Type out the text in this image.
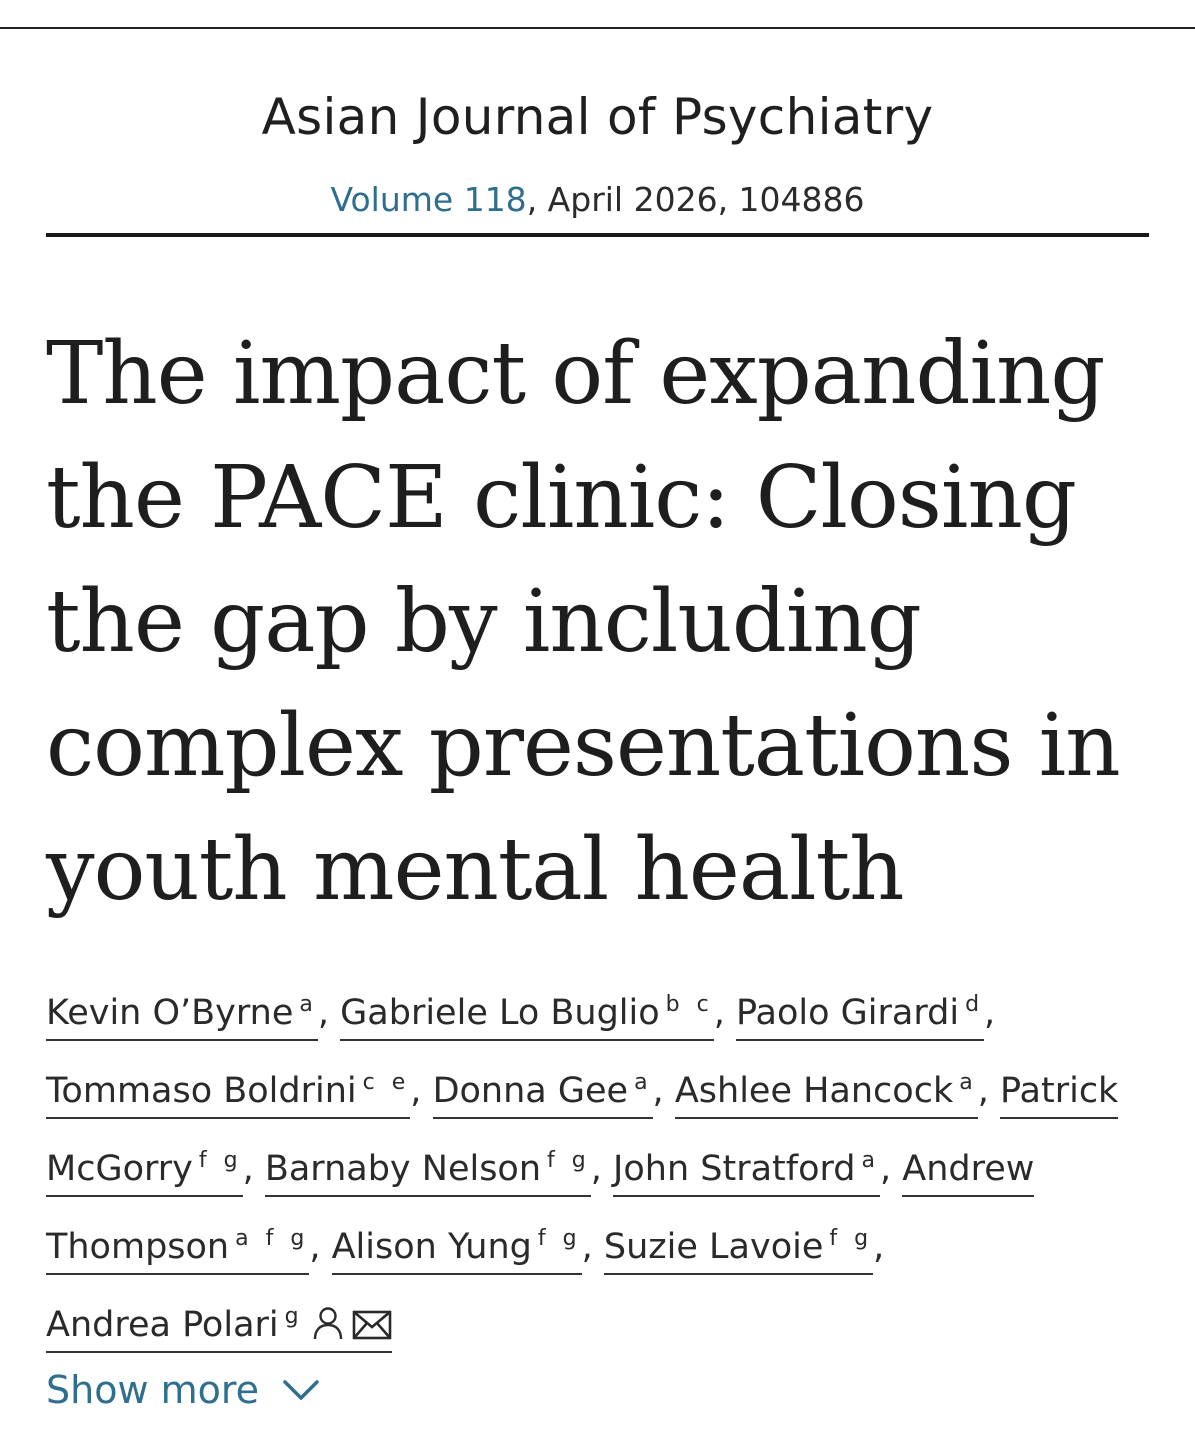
Asian Journal of Psychiatry
Volume 118, April 2026, 104886
The impact of expanding the PACE clinic: Closing the gap by including complex presentations in youth mental health
Kevin O’Byrne $^a$, Gabriele Lo Buglio $^{b c}$, Paolo Girardi $^d$, Tommaso Boldrini $^{c e}$, Donna Gee $^a$, Ashlee Hancock $^a$, Patrick McGorry $^{f g}$, Barnaby Nelson $^{f g}$, John Stratford $^a$, Andrew Thompson $^{a f g}$, Alison Yung $^{f g}$, Suzie Lavoie $^{f g}$,
Andrea Polari $^g$
Show more
